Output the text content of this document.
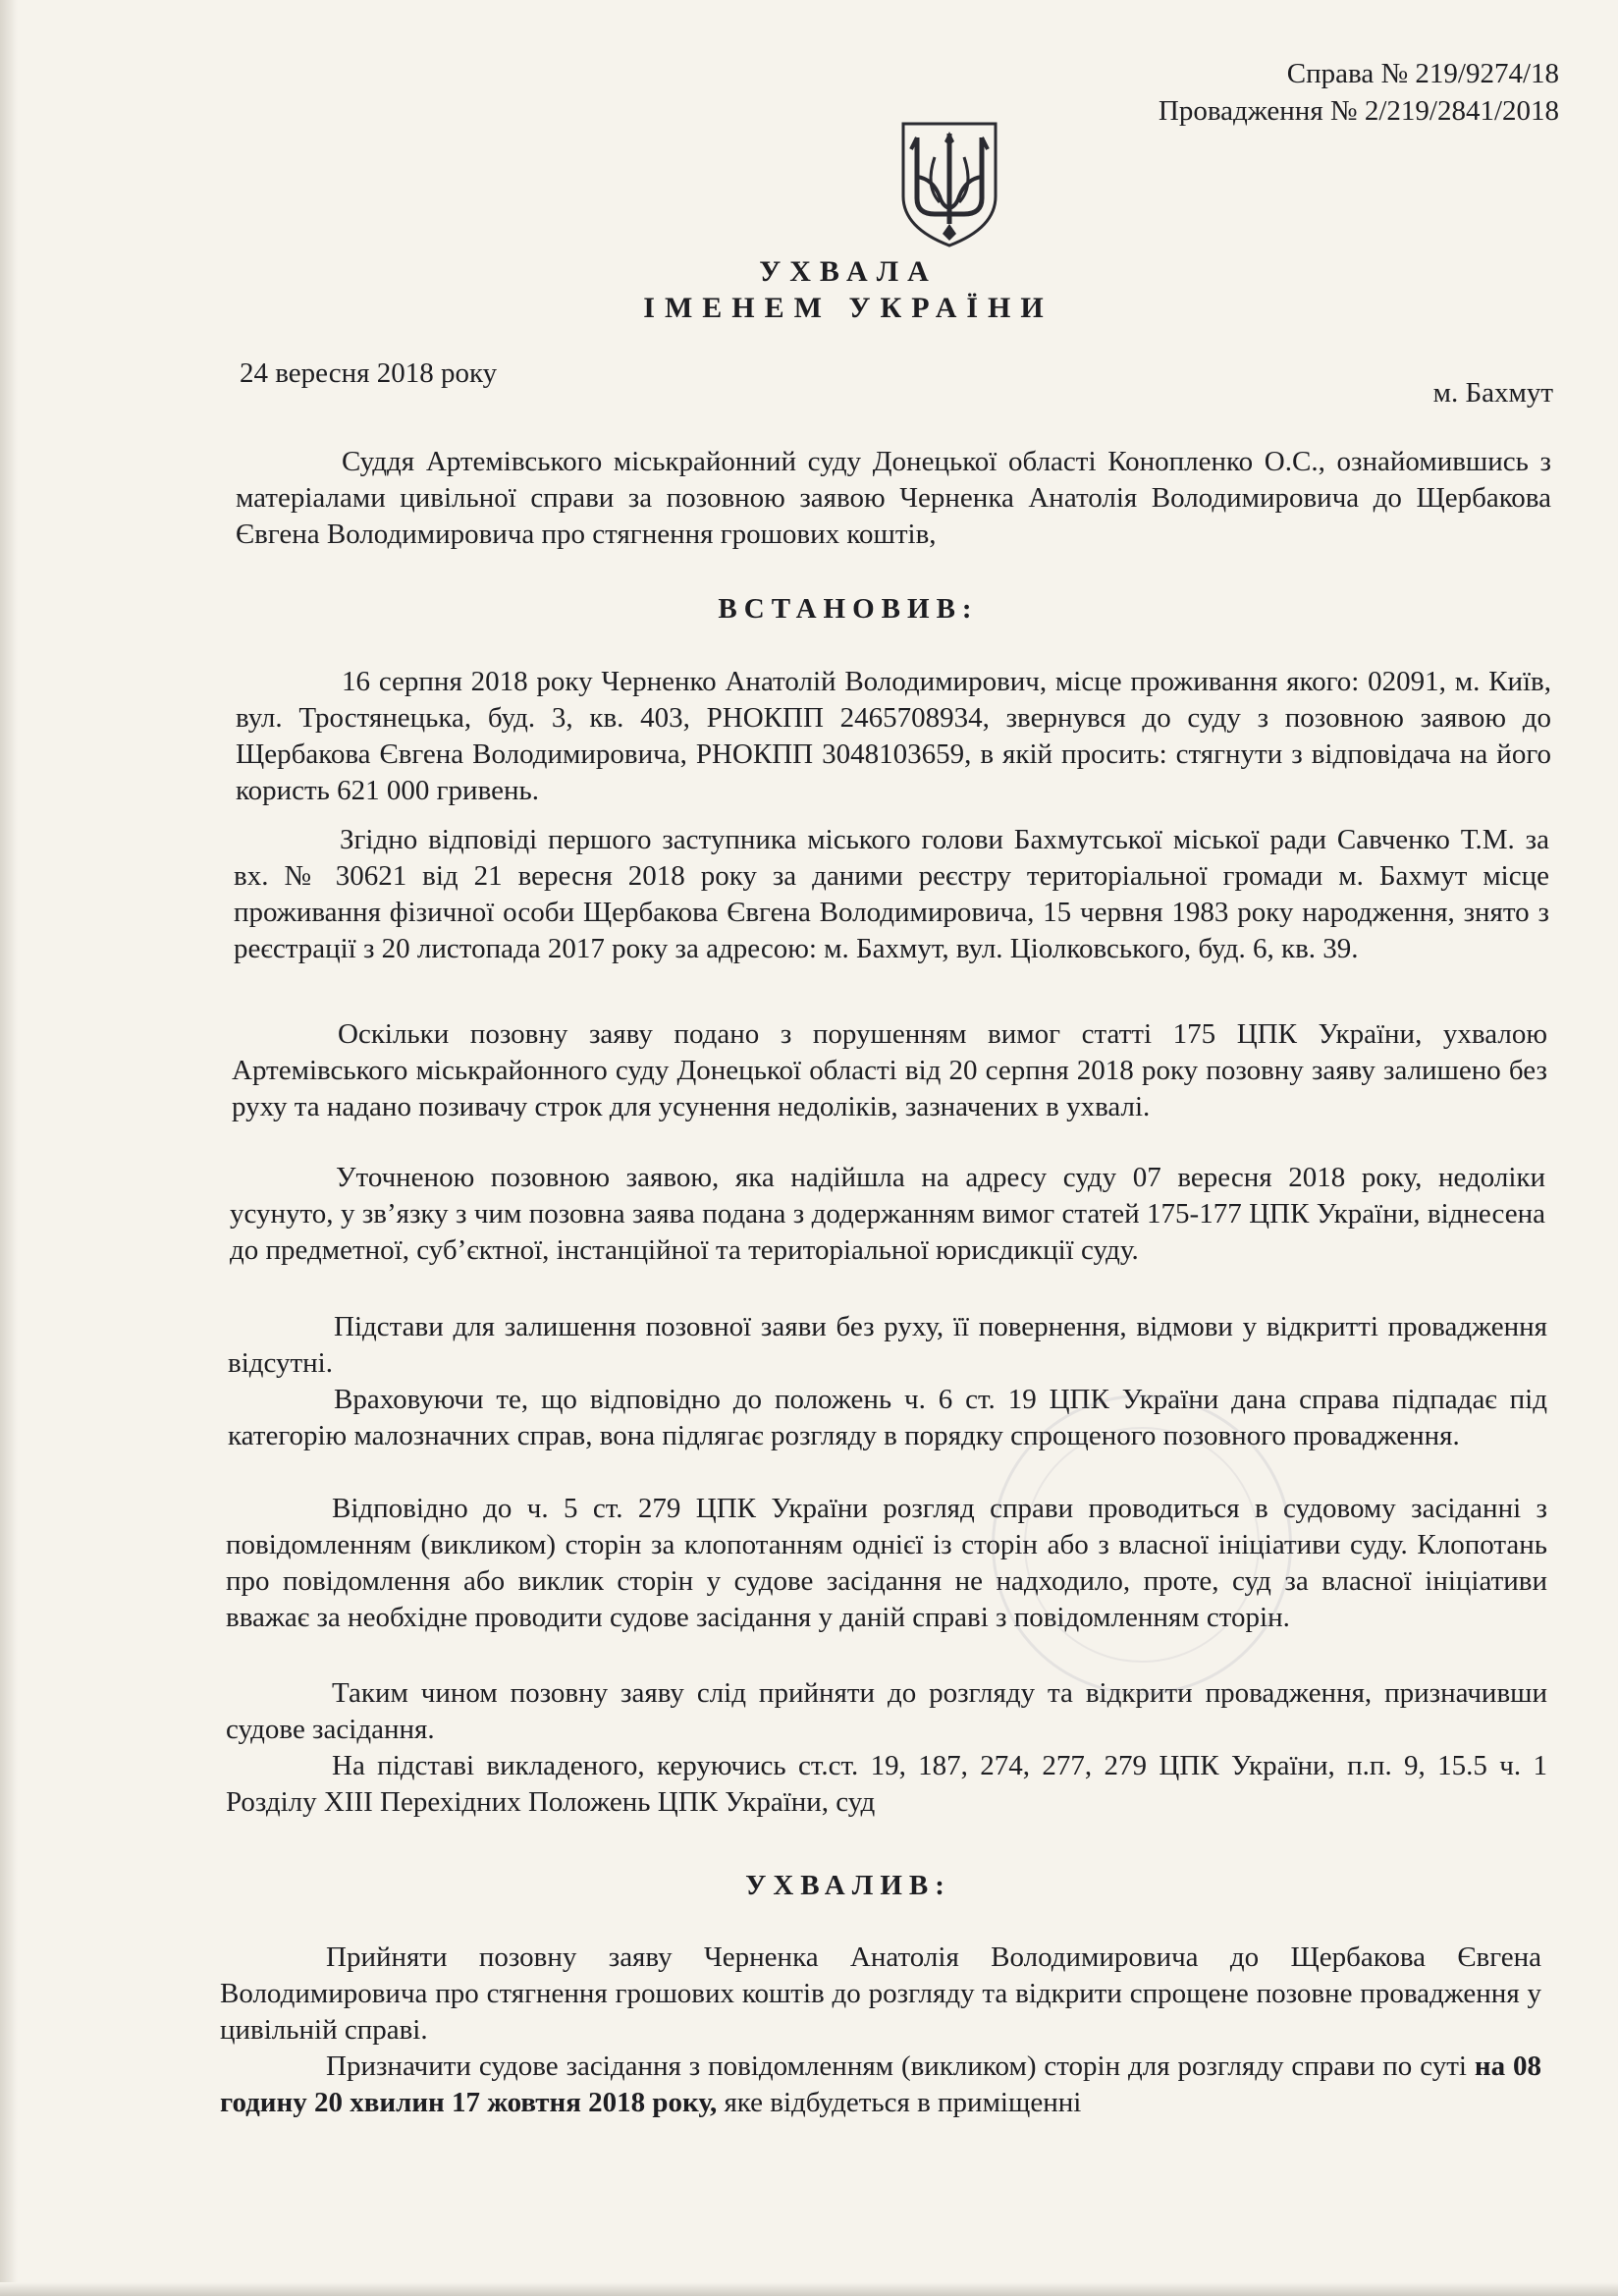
Справа № 219/9274/18
Провадження № 2/219/2841/2018
УХВАЛА
ІМЕНЕМ УКРАЇНИ
24 вересня 2018 року
м. Бахмут

Суддя Артемівського міськрайонний суду Донецької області Коноплeнко О.С., ознайомившись з матеріалами цивільної справи за позовною заявою Черненка Анатолія Володимировича до Щербакова Євгена Володимировича про стягнення грошових коштів,

ВСТАНОВИВ:

16 серпня 2018 року Черненко Анатолій Володимирович, місце проживання якого: 02091, м. Київ, вул. Тростянецька, буд. 3, кв. 403, РНОКПП 2465708934, звернувся до суду з позовною заявою до Щербакова Євгена Володимировича, РНОКПП 3048103659, в якій просить: стягнути з відповідача на його користь 621 000 гривень.

Згідно відповіді першого заступника міського голови Бахмутської міської ради Савченко Т.М. за вх. № 30621 від 21 вересня 2018 року за даними реєстру територіальної громади м. Бахмут місце проживання фізичної особи Щербакова Євгена Володимировича, 15 червня 1983 року народження, знято з реєстрації з 20 листопада 2017 року за адресою: м. Бахмут, вул. Ціолковського, буд. 6, кв. 39.

Оскільки позовну заяву подано з порушенням вимог статті 175 ЦПК України, ухвалою Артемівського міськрайонного суду Донецької області від 20 серпня 2018 року позовну заяву залишено без руху та надано позивачу строк для усунення недоліків, зазначених в ухвалі.

Уточненою позовною заявою, яка надійшла на адресу суду 07 вересня 2018 року, недоліки усунуто, у зв’язку з чим позовна заява подана з додержанням вимог статей 175-177 ЦПК України, віднесена до предметної, суб’єктної, інстанційної та територіальної юрисдикції суду.

Підстави для залишення позовної заяви без руху, її повернення, відмови у відкритті провадження відсутні.

Враховуючи те, що відповідно до положень ч. 6 ст. 19 ЦПК України дана справа підпадає під категорію малозначних справ, вона підлягає розгляду в порядку спрощеного позовного провадження.

Відповідно до ч. 5 ст. 279 ЦПК України розгляд справи проводиться в судовому засіданні з повідомленням (викликом) сторін за клопотанням однієї із сторін або з власної ініціативи суду. Клопотань про повідомлення або виклик сторін у судове засідання не надходило, проте, суд за власної ініціативи вважає за необхідне проводити судове засідання у даній справі з повідомленням сторін.

Таким чином позовну заяву слід прийняти до розгляду та відкрити провадження, призначивши судове засідання.

На підставі викладеного, керуючись ст.ст. 19, 187, 274, 277, 279 ЦПК України, п.п. 9, 15.5 ч. 1 Розділу XIII Перехідних Положень ЦПК України, суд

УХВАЛИВ:

Прийняти позовну заяву Черненка Анатолія Володимировича до Щербакова Євгена Володимировича про стягнення грошових коштів до розгляду та відкрити спрощене позовне провадження у цивільній справі.

Призначити судове засідання з повідомленням (викликом) сторін для розгляду справи по суті на 08 годину 20 хвилин 17 жовтня 2018 року, яке відбудеться в приміщенні
